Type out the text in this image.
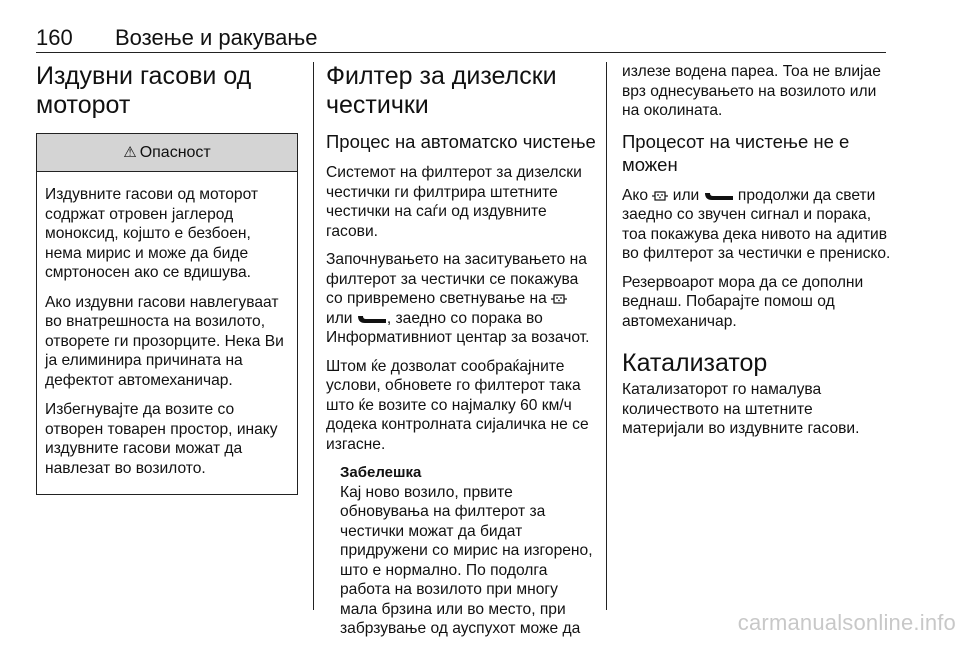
160 Возење и ракување
Издувни гасови од моторот
⚠ Опасност

Издувните гасови од моторот содржат отровен јаглерод моноксид, којшто е безбоен, нема мирис и може да биде смртоносен ако се вдишува.

Ако издувни гасови навлегуваат во внатрешноста на возилото, отворете ги прозорците. Нека Ви ја елиминира причината на дефектот автомеханичар.

Избегнувајте да возите со отворен товарен простор, инаку издувните гасови можат да навлезат во возилото.

Филтер за дизелски честички
Процес на автоматско чистење

Системот на филтерот за дизелски честички ги филтрира штетните честички на саѓи од издувните гасови.

Започнувањето на заситувањето на филтерот за честички се покажува со привремено светнување на
или
, заедно со порака во Информативниот центар за возачот.

Штом ќе дозволат сообраќајните услови, обновете го филтерот така што ќе возите со најмалку 60 км/ч додека контролната сијаличка не се изгасне.

Забелешка

Кај ново возило, првите обновувања на филтерот за честички можат да бидат придружени со мирис на изгорено, што е нормално. По подолга работа на возилото при многу мала брзина или во место, при забрзување од ауспухот може да

излезе водена пареа. Тоа не влијае врз однесувањето на возилото или на околината.

Процесот на чистење не е можен

Ако
или
продолжи да свети заедно со звучен сигнал и порака, тоа покажува дека нивото на адитив во филтерот за честички е прениско.

Резервоарот мора да се дополни веднаш. Побарајте помош од автомеханичар.

Катализатор

Катализаторот го намалува количеството на штетните материјали во издувните гасови.

carmanualsonline.info
